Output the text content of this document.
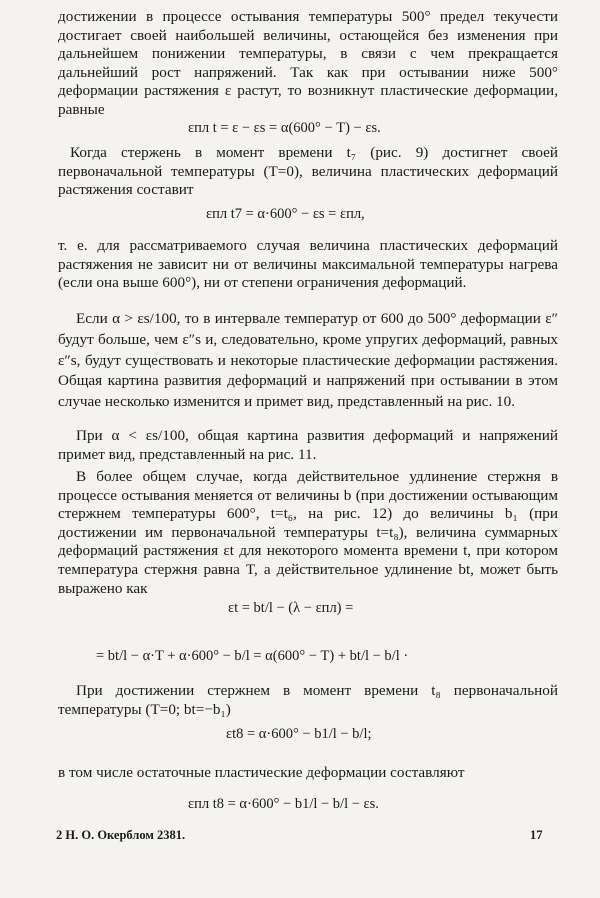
достижении в процессе остывания температуры 500° предел текучести достигает своей наибольшей величины, остающейся без изменения при дальнейшем понижении температуры, в связи с чем прекращается дальнейший рост напряжений. Так как при остывании ниже 500° деформации растяжения ε растут, то возникнут пластические деформации, равные

εпл t = ε − εs = α(600° − T) − εs.

Когда стержень в момент времени t₇ (рис. 9) достигнет своей первоначальной температуры (T=0), величина пластических деформаций растяжения составит

εпл t7 = α·600° − εs = εпл,

т. е. для рассматриваемого случая величина пластических деформаций растяжения не зависит ни от величины максимальной температуры нагрева (если она выше 600°), ни от степени ограничения деформаций.

Если α > εs/100, то в интервале температур от 600 до 500° деформации ε″ будут больше, чем ε″s и, следовательно, кроме упругих деформаций, равных ε″s, будут существовать и некоторые пластические деформации растяжения. Общая картина развития деформаций и напряжений при остывании в этом случае несколько изменится и примет вид, представленный на рис. 10.

При α < εs/100, общая картина развития деформаций и напряжений примет вид, представленный на рис. 11.

В более общем случае, когда действительное удлинение стержня в процессе остывания меняется от величины b (при достижении остывающим стержнем температуры 600°, t=t₆, на рис. 12) до величины b₁ (при достижении им первоначальной температуры t=t₈), величина суммарных деформаций растяжения εt для некоторого момента времени t, при котором температура стержня равна T, а действительное удлинение bt, может быть выражено как

εt = bt/l − (λ − εпл) =
= bt/l − α·T + α·600° − b/l = α(600° − T) + bt/l − b/l ·

При достижении стержнем в момент времени t₈ первоначальной температуры (T=0; bt=−b₁)

εt8 = α·600° − b1/l − b/l;

в том числе остаточные пластические деформации составляют

εпл t8 = α·600° − b1/l − b/l − εs.
2 Н. О. Окерблом 2381.	17
